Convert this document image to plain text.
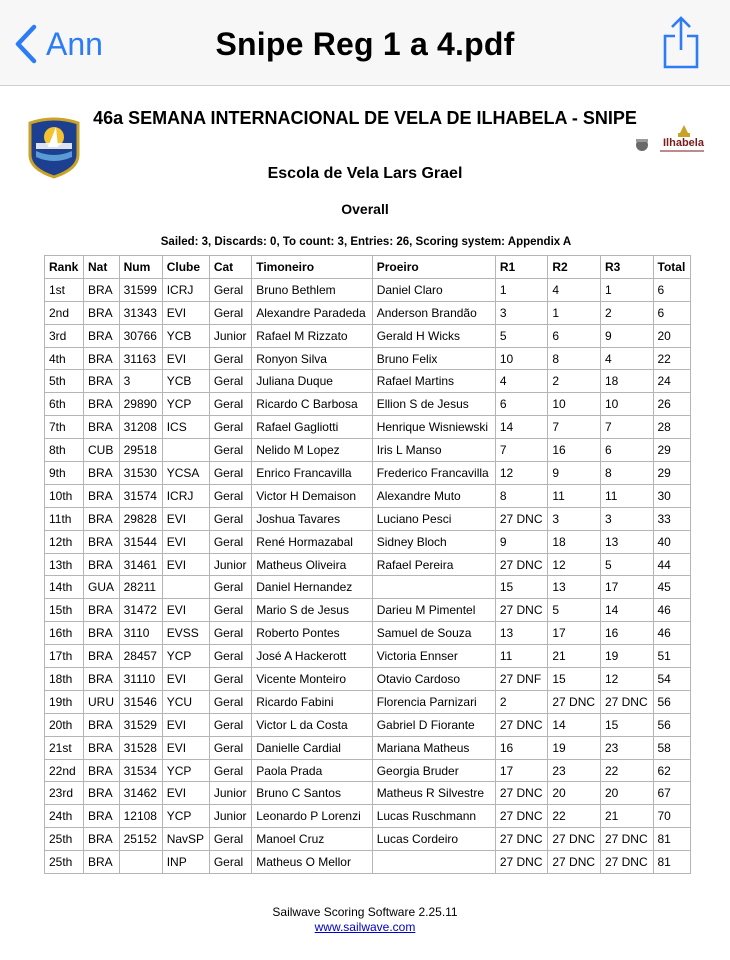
Ann	Snipe Reg 1 a 4.pdf
46a SEMANA INTERNACIONAL DE VELA DE ILHABELA - SNIPE
Ilhabela
Escola de Vela Lars Grael
Overall
Sailed: 3, Discards: 0, To count: 3, Entries: 26, Scoring system: Appendix A
Rank	Nat	Num	Clube	Cat	Timoneiro	Proeiro	R1	R2	R3	Total
1st	BRA	31599	ICRJ	Geral	Bruno Bethlem	Daniel Claro	1	4	1	6
2nd	BRA	31343	EVI	Geral	Alexandre Paradeda	Anderson Brandão	3	1	2	6
3rd	BRA	30766	YCB	Junior	Rafael M Rizzato	Gerald H Wicks	5	6	9	20
4th	BRA	31163	EVI	Geral	Ronyon Silva	Bruno Felix	10	8	4	22
5th	BRA	3	YCB	Geral	Juliana Duque	Rafael Martins	4	2	18	24
6th	BRA	29890	YCP	Geral	Ricardo C Barbosa	Ellion S de Jesus	6	10	10	26
7th	BRA	31208	ICS	Geral	Rafael Gagliotti	Henrique Wisniewski	14	7	7	28
8th	CUB	29518		Geral	Nelido M Lopez	Iris L Manso	7	16	6	29
9th	BRA	31530	YCSA	Geral	Enrico Francavilla	Frederico Francavilla	12	9	8	29
10th	BRA	31574	ICRJ	Geral	Victor H Demaison	Alexandre Muto	8	11	11	30
11th	BRA	29828	EVI	Geral	Joshua Tavares	Luciano Pesci	27 DNC	3	3	33
12th	BRA	31544	EVI	Geral	René Hormazabal	Sidney Bloch	9	18	13	40
13th	BRA	31461	EVI	Junior	Matheus Oliveira	Rafael Pereira	27 DNC	12	5	44
14th	GUA	28211		Geral	Daniel Hernandez		15	13	17	45
15th	BRA	31472	EVI	Geral	Mario S de Jesus	Darieu M Pimentel	27 DNC	5	14	46
16th	BRA	3110	EVSS	Geral	Roberto Pontes	Samuel de Souza	13	17	16	46
17th	BRA	28457	YCP	Geral	José A Hackerott	Victoria Ennser	11	21	19	51
18th	BRA	31110	EVI	Geral	Vicente Monteiro	Otavio Cardoso	27 DNF	15	12	54
19th	URU	31546	YCU	Geral	Ricardo Fabini	Florencia Parnizari	2	27 DNC	27 DNC	56
20th	BRA	31529	EVI	Geral	Victor L da Costa	Gabriel D Fiorante	27 DNC	14	15	56
21st	BRA	31528	EVI	Geral	Danielle Cardial	Mariana Matheus	16	19	23	58
22nd	BRA	31534	YCP	Geral	Paola Prada	Georgia Bruder	17	23	22	62
23rd	BRA	31462	EVI	Junior	Bruno C Santos	Matheus R Silvestre	27 DNC	20	20	67
24th	BRA	12108	YCP	Junior	Leonardo P Lorenzi	Lucas Ruschmann	27 DNC	22	21	70
25th	BRA	25152	NavSP	Geral	Manoel Cruz	Lucas Cordeiro	27 DNC	27 DNC	27 DNC	81
25th	BRA		INP	Geral	Matheus O Mellor		27 DNC	27 DNC	27 DNC	81
Sailwave Scoring Software 2.25.11
www.sailwave.com
